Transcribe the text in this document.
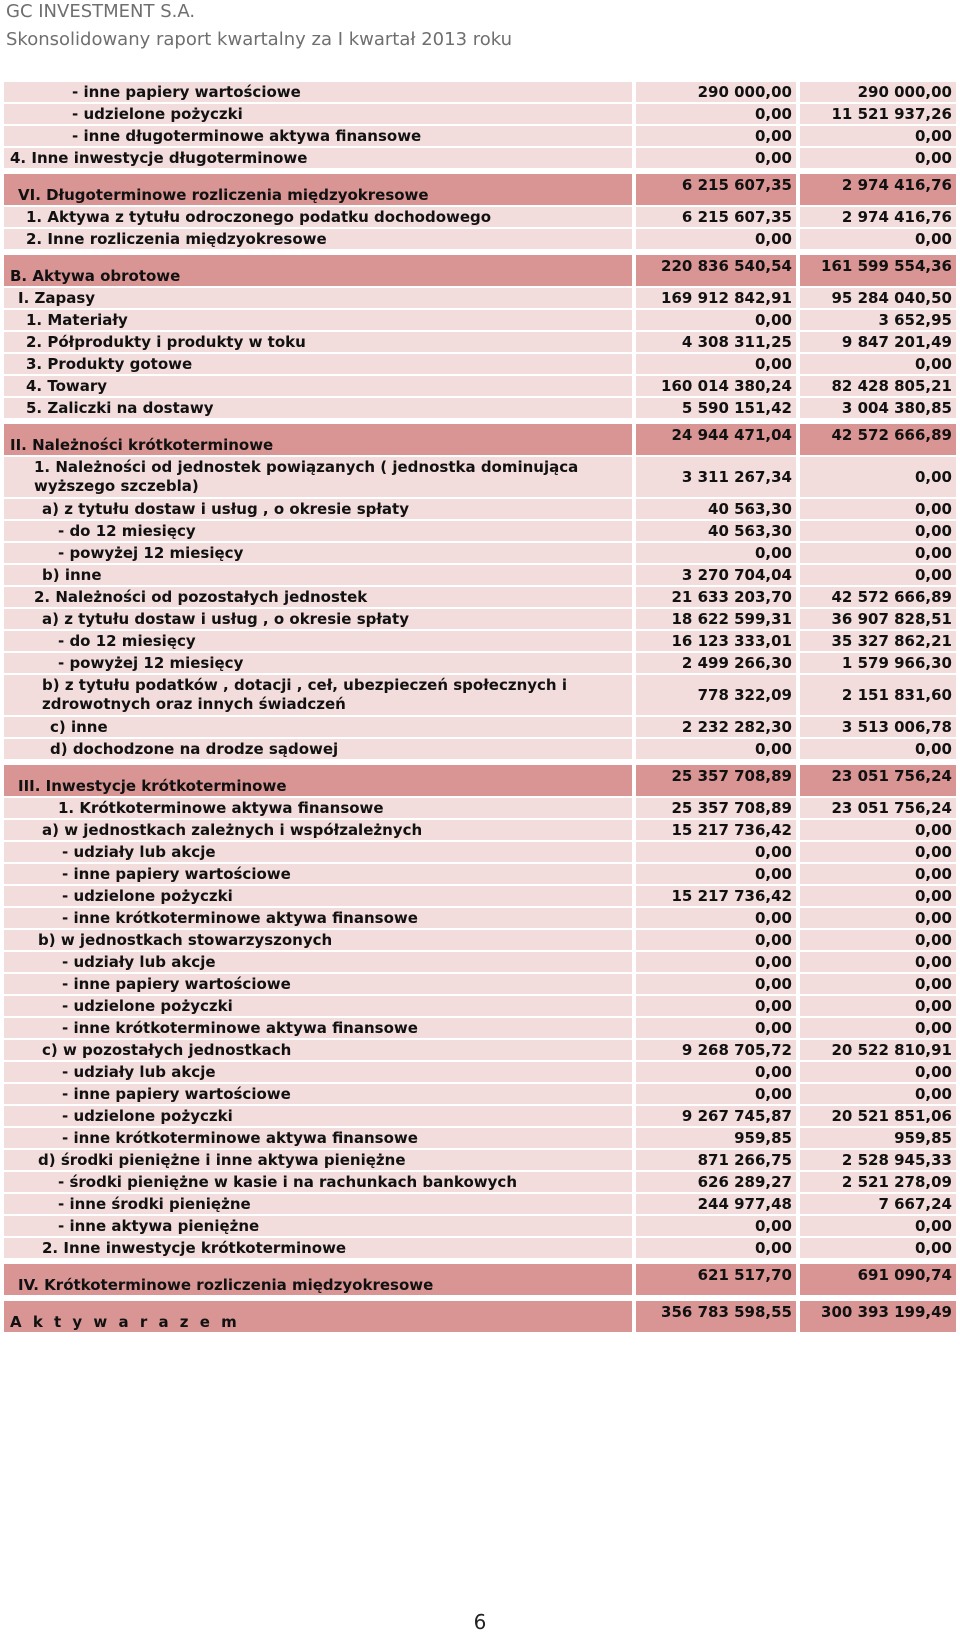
GC INVESTMENT S.A.
Skonsolidowany raport kwartalny za I kwartał 2013 roku
- inne papiery wartościowe	290 000,00	290 000,00
- udzielone pożyczki	0,00	11 521 937,26
- inne długoterminowe aktywa finansowe	0,00	0,00
4. Inne inwestycje długoterminowe	0,00	0,00

VI. Długoterminowe rozliczenia międzyokresowe	6 215 607,35	2 974 416,76
1. Aktywa z tytułu odroczonego podatku dochodowego	6 215 607,35	2 974 416,76
2. Inne rozliczenia międzyokresowe	0,00	0,00

B. Aktywa obrotowe	220 836 540,54	161 599 554,36
I. Zapasy	169 912 842,91	95 284 040,50
1. Materiały	0,00	3 652,95
2. Półprodukty i produkty w toku	4 308 311,25	9 847 201,49
3. Produkty gotowe	0,00	0,00
4. Towary	160 014 380,24	82 428 805,21
5. Zaliczki na dostawy	5 590 151,42	3 004 380,85

II. Należności krótkoterminowe	24 944 471,04	42 572 666,89
1. Należności od jednostek powiązanych ( jednostka dominująca wyższego szczebla)	3 311 267,34	0,00
a) z tytułu dostaw i usług , o okresie spłaty	40 563,30	0,00
- do 12 miesięcy	40 563,30	0,00
- powyżej 12 miesięcy	0,00	0,00
b) inne	3 270 704,04	0,00
2. Należności od pozostałych jednostek	21 633 203,70	42 572 666,89
a) z tytułu dostaw i usług , o okresie spłaty	18 622 599,31	36 907 828,51
- do 12 miesięcy	16 123 333,01	35 327 862,21
- powyżej 12 miesięcy	2 499 266,30	1 579 966,30
b) z tytułu podatków , dotacji , ceł, ubezpieczeń społecznych i zdrowotnych oraz innych świadczeń	778 322,09	2 151 831,60
c) inne	2 232 282,30	3 513 006,78
d) dochodzone na drodze sądowej	0,00	0,00

III. Inwestycje krótkoterminowe	25 357 708,89	23 051 756,24
1. Krótkoterminowe aktywa finansowe	25 357 708,89	23 051 756,24
a) w jednostkach zależnych i współzależnych	15 217 736,42	0,00
- udziały lub akcje	0,00	0,00
- inne papiery wartościowe	0,00	0,00
- udzielone pożyczki	15 217 736,42	0,00
- inne krótkoterminowe aktywa finansowe	0,00	0,00
b) w jednostkach stowarzyszonych	0,00	0,00
- udziały lub akcje	0,00	0,00
- inne papiery wartościowe	0,00	0,00
- udzielone pożyczki	0,00	0,00
- inne krótkoterminowe aktywa finansowe	0,00	0,00
c) w pozostałych jednostkach	9 268 705,72	20 522 810,91
- udziały lub akcje	0,00	0,00
- inne papiery wartościowe	0,00	0,00
- udzielone pożyczki	9 267 745,87	20 521 851,06
- inne krótkoterminowe aktywa finansowe	959,85	959,85
d) środki pieniężne i inne aktywa pieniężne	871 266,75	2 528 945,33
- środki pieniężne w kasie i na rachunkach bankowych	626 289,27	2 521 278,09
- inne środki pieniężne	244 977,48	7 667,24
- inne aktywa pieniężne	0,00	0,00
2. Inne inwestycje krótkoterminowe	0,00	0,00

IV. Krótkoterminowe rozliczenia międzyokresowe	621 517,70	691 090,74

A k t y w a r a z e m	356 783 598,55	300 393 199,49
6
